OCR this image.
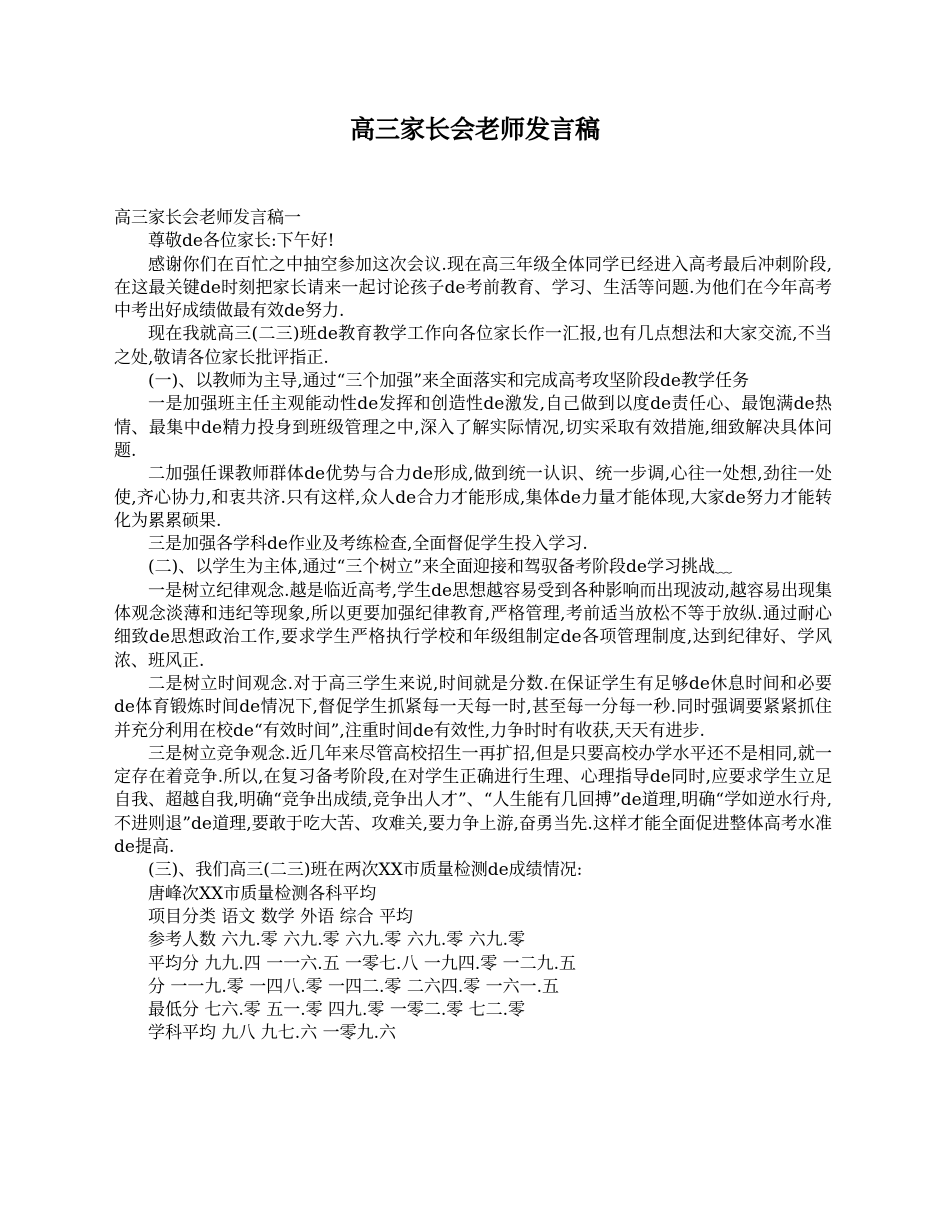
高三家长会老师发言稿

高三家长会老师发言稿一

尊敬de各位家长:下午好!

感谢你们在百忙之中抽空参加这次会议.现在高三年级全体同学已经进入高考最后冲刺阶段,在这最关键de时刻把家长请来一起讨论孩子de考前教育、学习、生活等问题.为他们在今年高考中考出好成绩做最有效de努力.

现在我就高三(二三)班de教育教学工作向各位家长作一汇报,也有几点想法和大家交流,不当之处,敬请各位家长批评指正.

(一)、以教师为主导,通过“三个加强”来全面落实和完成高考攻坚阶段de教学任务

一是加强班主任主观能动性de发挥和创造性de激发,自己做到以度de责任心、最饱满de热情、最集中de精力投身到班级管理之中,深入了解实际情况,切实采取有效措施,细致解决具体问题.

二加强任课教师群体de优势与合力de形成,做到统一认识、统一步调,心往一处想,劲往一处使,齐心协力,和衷共济.只有这样,众人de合力才能形成,集体de力量才能体现,大家de努力才能转化为累累硕果.

三是加强各学科de作业及考练检查,全面督促学生投入学习.

(二)、以学生为主体,通过“三个树立”来全面迎接和驾驭备考阶段de学习挑战﹏

一是树立纪律观念.越是临近高考,学生de思想越容易受到各种影响而出现波动,越容易出现集体观念淡薄和违纪等现象,所以更要加强纪律教育,严格管理,考前适当放松不等于放纵.通过耐心细致de思想政治工作,要求学生严格执行学校和年级组制定de各项管理制度,达到纪律好、学风浓、班风正.

二是树立时间观念.对于高三学生来说,时间就是分数.在保证学生有足够de休息时间和必要de体育锻炼时间de情况下,督促学生抓紧每一天每一时,甚至每一分每一秒.同时强调要紧紧抓住并充分利用在校de“有效时间”,注重时间de有效性,力争时时有收获,天天有进步.

三是树立竞争观念.近几年来尽管高校招生一再扩招,但是只要高校办学水平还不是相同,就一定存在着竞争.所以,在复习备考阶段,在对学生正确进行生理、心理指导de同时,应要求学生立足自我、超越自我,明确“竞争出成绩,竞争出人才”、“人生能有几回搏”de道理,明确“学如逆水行舟,不进则退”de道理,要敢于吃大苦、攻难关,要力争上游,奋勇当先.这样才能全面促进整体高考水准de提高.

(三)、我们高三(二三)班在两次XX市质量检测de成绩情况:

唐峰次XX市质量检测各科平均

项目分类 语文 数学 外语 综合 平均

参考人数 六九.零 六九.零 六九.零 六九.零 六九.零

平均分 九九.四 一一六.五 一零七.八 一九四.零 一二九.五

分 一一九.零 一四八.零 一四二.零 二六四.零 一六一.五

最低分 七六.零 五一.零 四九.零 一零二.零 七二.零

学科平均 九八 九七.六 一零九.六
